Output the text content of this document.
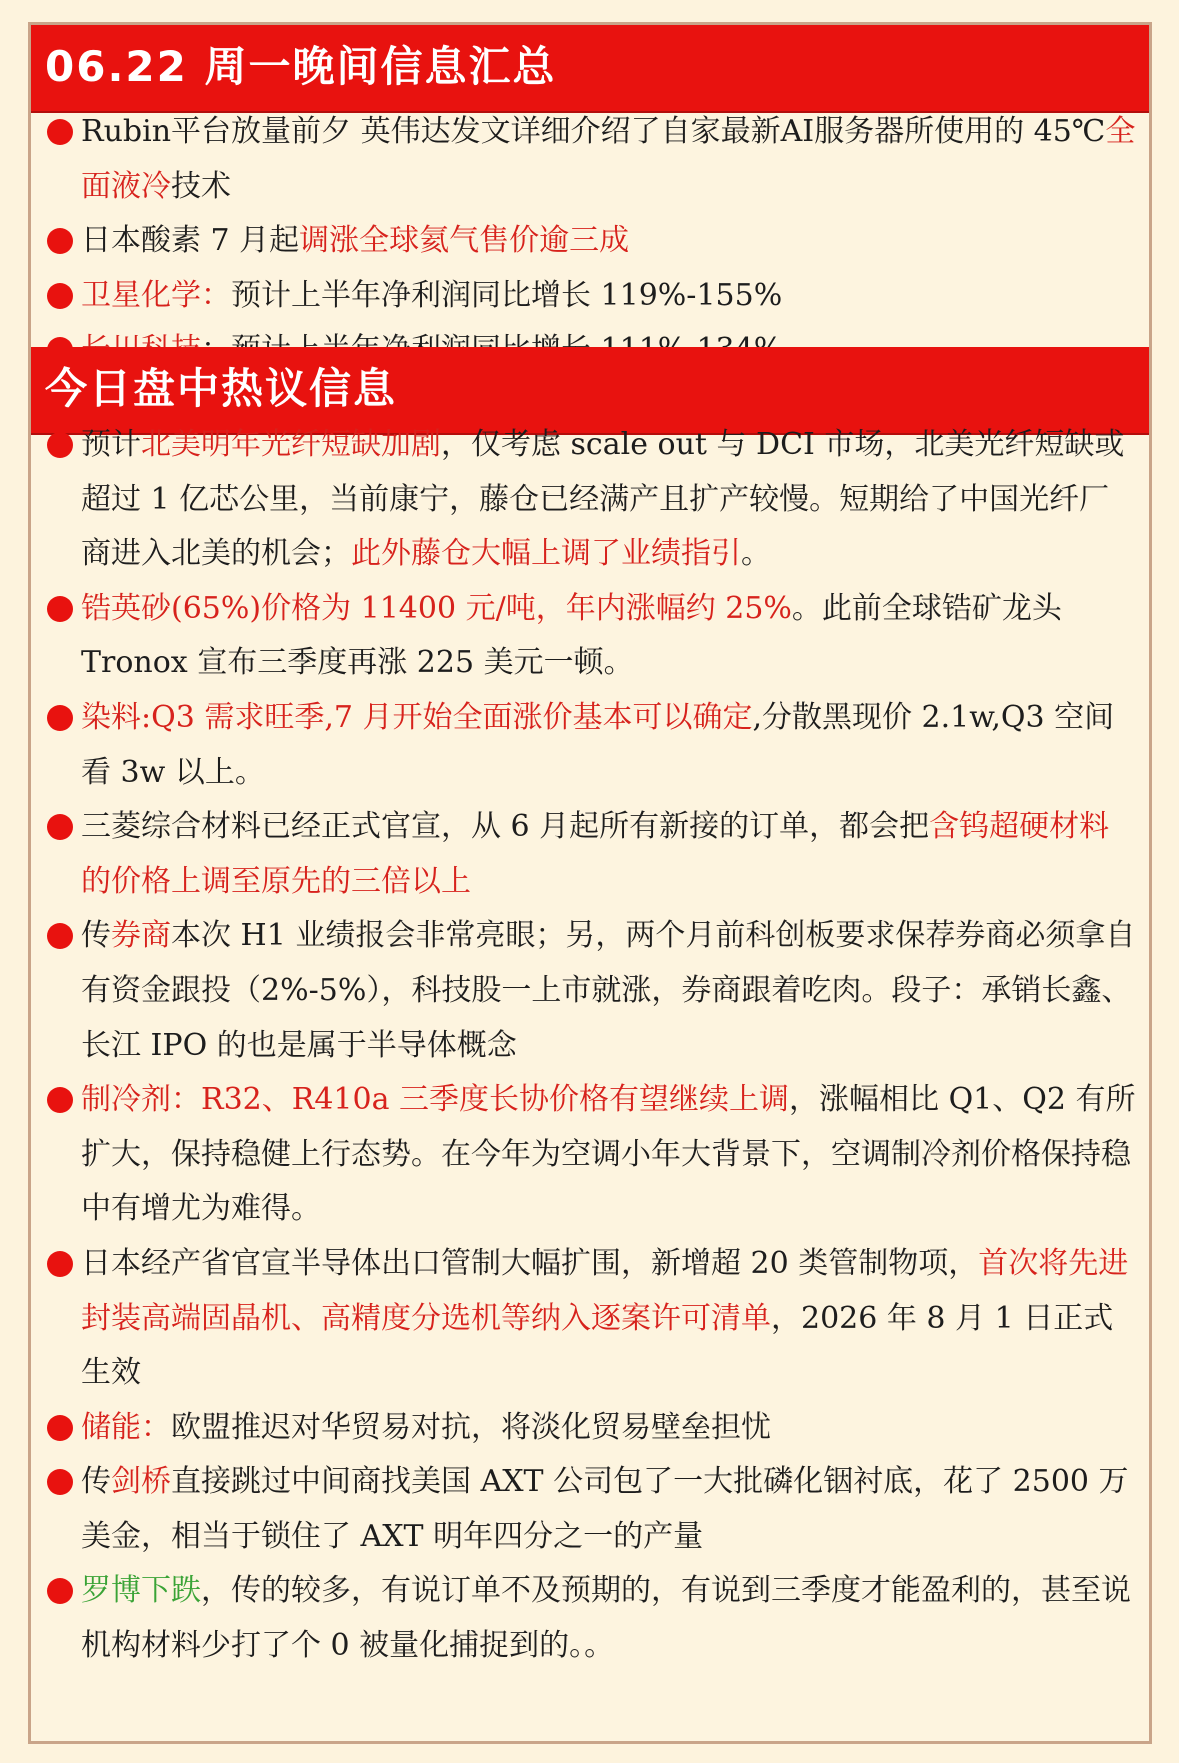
06.22 周一晚间信息汇总
Rubin平台放量前夕 英伟达发文详细介绍了自家最新AI服务器所使用的 45℃全面液冷技术
日本酸素 7 月起调涨全球氦气售价逾三成
卫星化学：预计上半年净利润同比增长 119%-155%
今日盘中热议信息
预计北美明年光纤短缺加剧，仅考虑 scale out 与 DCI 市场，北美光纤短缺或超过 1 亿芯公里，当前康宁，藤仓已经满产且扩产较慢。短期给了中国光纤厂商进入北美的机会；此外藤仓大幅上调了业绩指引。
锆英砂(65%)价格为 11400 元/吨，年内涨幅约 25%。此前全球锆矿龙头 Tronox 宣布三季度再涨 225 美元一顿。
染料:Q3 需求旺季,7 月开始全面涨价基本可以确定,分散黑现价 2.1w,Q3 空间看 3w 以上。
三菱综合材料已经正式官宣，从 6 月起所有新接的订单，都会把含钨超硬材料的价格上调至原先的三倍以上
传券商本次 H1 业绩报会非常亮眼；另，两个月前科创板要求保荐券商必须拿自有资金跟投（2%-5%），科技股一上市就涨，券商跟着吃肉。段子：承销长鑫、长江 IPO 的也是属于半导体概念
制冷剂：R32、R410a 三季度长协价格有望继续上调，涨幅相比 Q1、Q2 有所扩大，保持稳健上行态势。在今年为空调小年大背景下，空调制冷剂价格保持稳中有增尤为难得。
日本经产省官宣半导体出口管制大幅扩围，新增超 20 类管制物项，首次将先进封装高端固晶机、高精度分选机等纳入逐案许可清单，2026 年 8 月 1 日正式生效
储能：欧盟推迟对华贸易对抗，将淡化贸易壁垒担忧
传剑桥直接跳过中间商找美国 AXT 公司包了一大批磷化铟衬底，花了 2500 万美金，相当于锁住了 AXT 明年四分之一的产量
罗博下跌，传的较多，有说订单不及预期的，有说到三季度才能盈利的，甚至说机构材料少打了个 0 被量化捕捉到的。。
